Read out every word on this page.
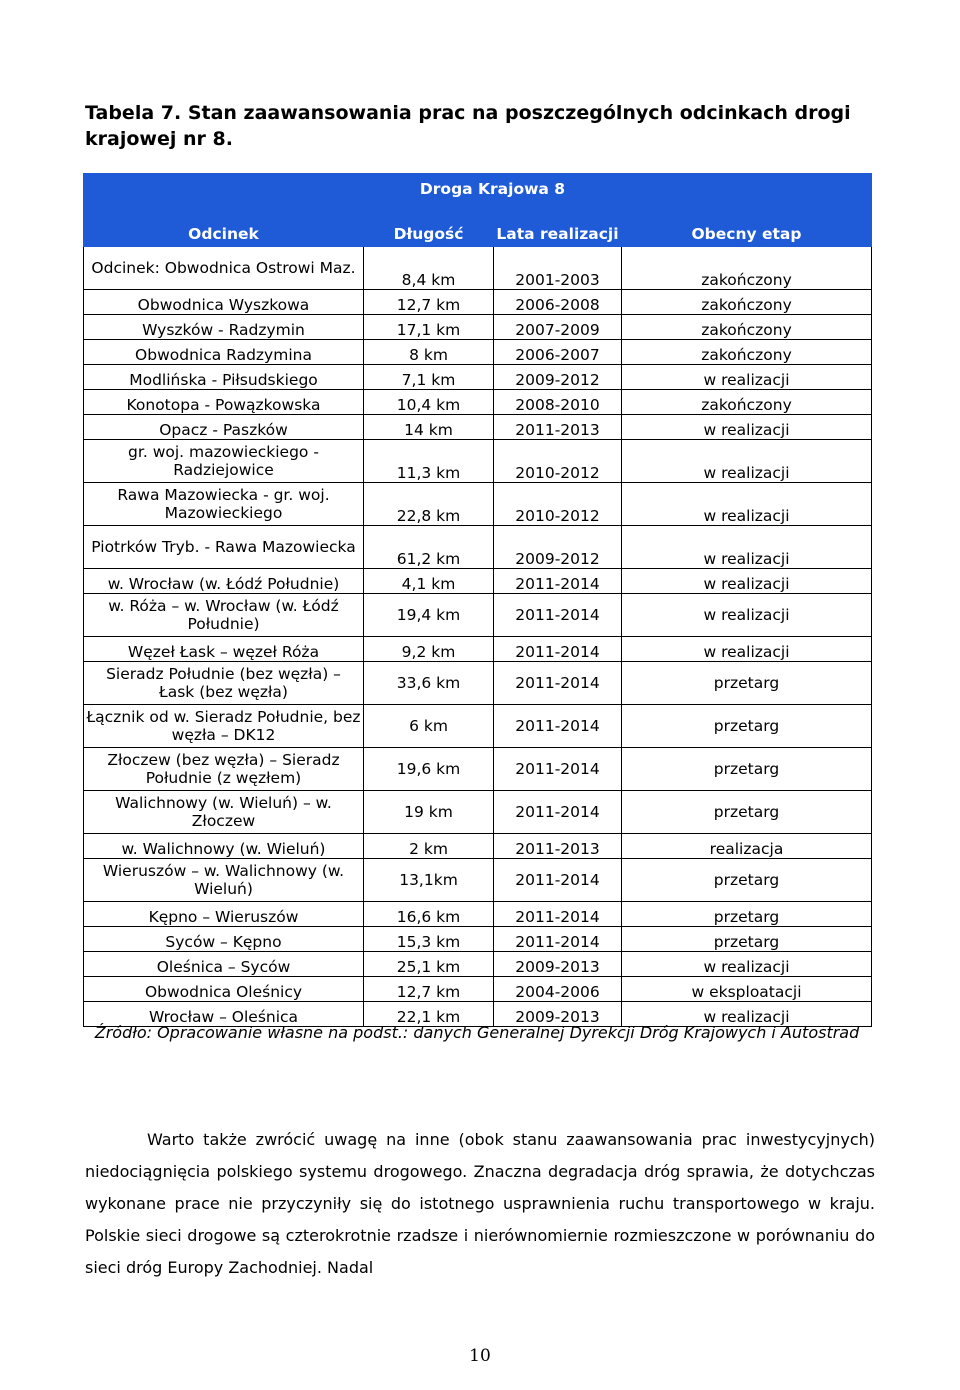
Tabela 7. Stan zaawansowania prac na poszczególnych odcinkach drogi krajowej nr 8.
	Droga Krajowa 8		
Odcinek	Długość	Lata realizacji	Obecny etap
Odcinek: Obwodnica Ostrowi Maz.	8,4 km	2001-2003	zakończony
Obwodnica Wyszkowa	12,7 km	2006-2008	zakończony
Wyszków - Radzymin	17,1 km	2007-2009	zakończony
Obwodnica Radzymina	8 km	2006-2007	zakończony
Modlińska - Piłsudskiego	7,1 km	2009-2012	w realizacji
Konotopa - Powązkowska	10,4 km	2008-2010	zakończony
Opacz - Paszków	14 km	2011-2013	w realizacji
gr. woj. mazowieckiego - Radziejowice	11,3 km	2010-2012	w realizacji
Rawa Mazowiecka - gr. woj. Mazowieckiego	22,8 km	2010-2012	w realizacji
Piotrków Tryb. - Rawa Mazowiecka	61,2 km	2009-2012	w realizacji
w. Wrocław (w. Łódź Południe)	4,1 km	2011-2014	w realizacji
w. Róża – w. Wrocław (w. Łódź Południe)	19,4 km	2011-2014	w realizacji
Węzeł Łask – węzeł Róża	9,2 km	2011-2014	w realizacji
Sieradz Południe (bez węzła) – Łask (bez węzła)	33,6 km	2011-2014	przetarg
Łącznik od w. Sieradz Południe, bez węzła – DK12	6 km	2011-2014	przetarg
Złoczew (bez węzła) – Sieradz Południe (z węzłem)	19,6 km	2011-2014	przetarg
Walichnowy (w. Wieluń) – w. Złoczew	19 km	2011-2014	przetarg
w. Walichnowy (w. Wieluń)	2 km	2011-2013	realizacja
Wieruszów – w. Walichnowy (w. Wieluń)	13,1km	2011-2014	przetarg
Kępno – Wieruszów	16,6 km	2011-2014	przetarg
Syców – Kępno	15,3 km	2011-2014	przetarg
Oleśnica – Syców	25,1 km	2009-2013	w realizacji
Obwodnica Oleśnicy	12,7 km	2004-2006	w eksploatacji
Wrocław – Oleśnica	22,1 km	2009-2013	w realizacji
Źródło: Opracowanie własne na podst.: danych Generalnej Dyrekcji Dróg Krajowych i Autostrad
Warto także zwrócić uwagę na inne (obok stanu zaawansowania prac inwestycyjnych) niedociągnięcia polskiego systemu drogowego. Znaczna degradacja dróg sprawia, że dotychczas wykonane prace nie przyczyniły się do istotnego usprawnienia ruchu transportowego w kraju. Polskie sieci drogowe są czterokrotnie rzadsze i nierównomiernie rozmieszczone w porównaniu do sieci dróg Europy Zachodniej. Nadal
10
